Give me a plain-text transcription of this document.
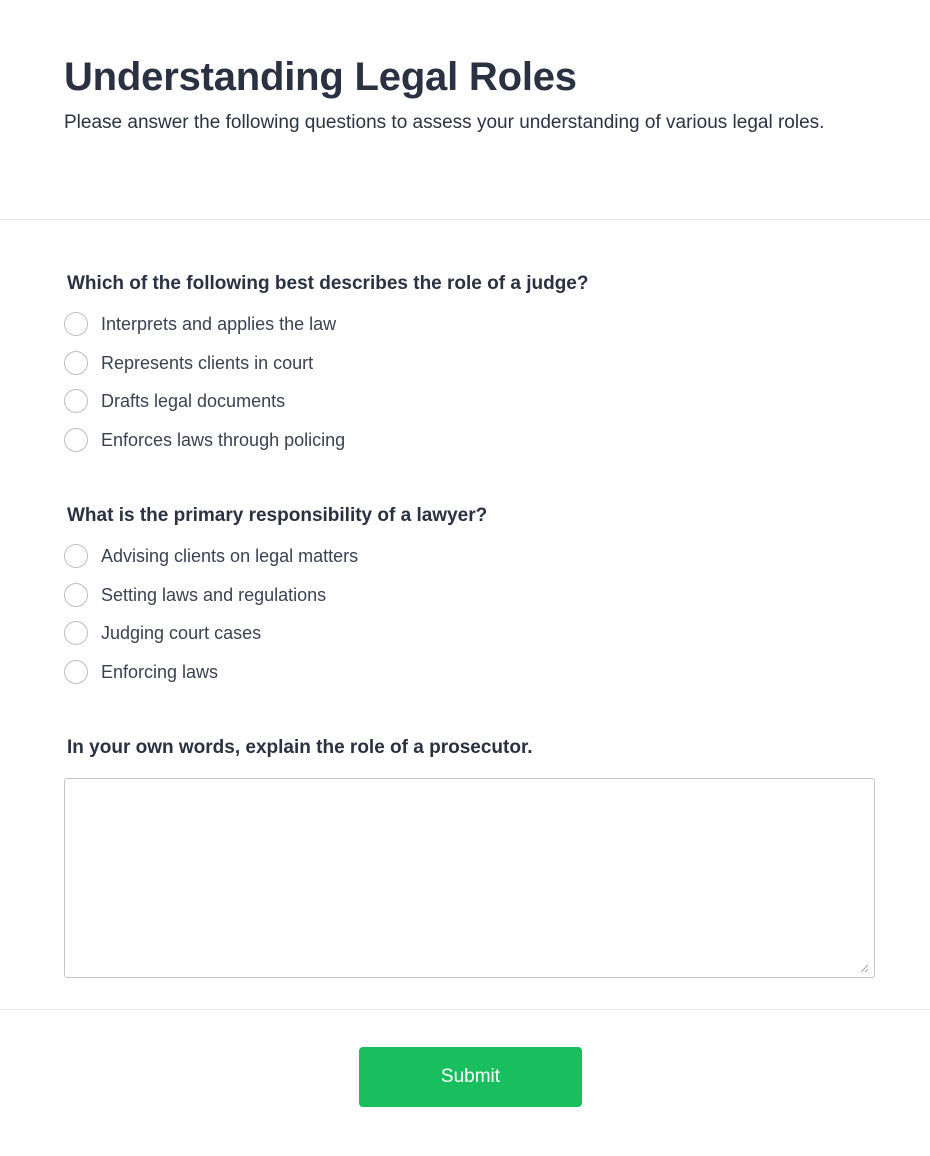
Understanding Legal Roles

Please answer the following questions to assess your understanding of various legal roles.

Which of the following best describes the role of a judge?
Interprets and applies the law
Represents clients in court
Drafts legal documents
Enforces laws through policing
What is the primary responsibility of a lawyer?
Advising clients on legal matters
Setting laws and regulations
Judging court cases
Enforcing laws
In your own words, explain the role of a prosecutor.
Submit
